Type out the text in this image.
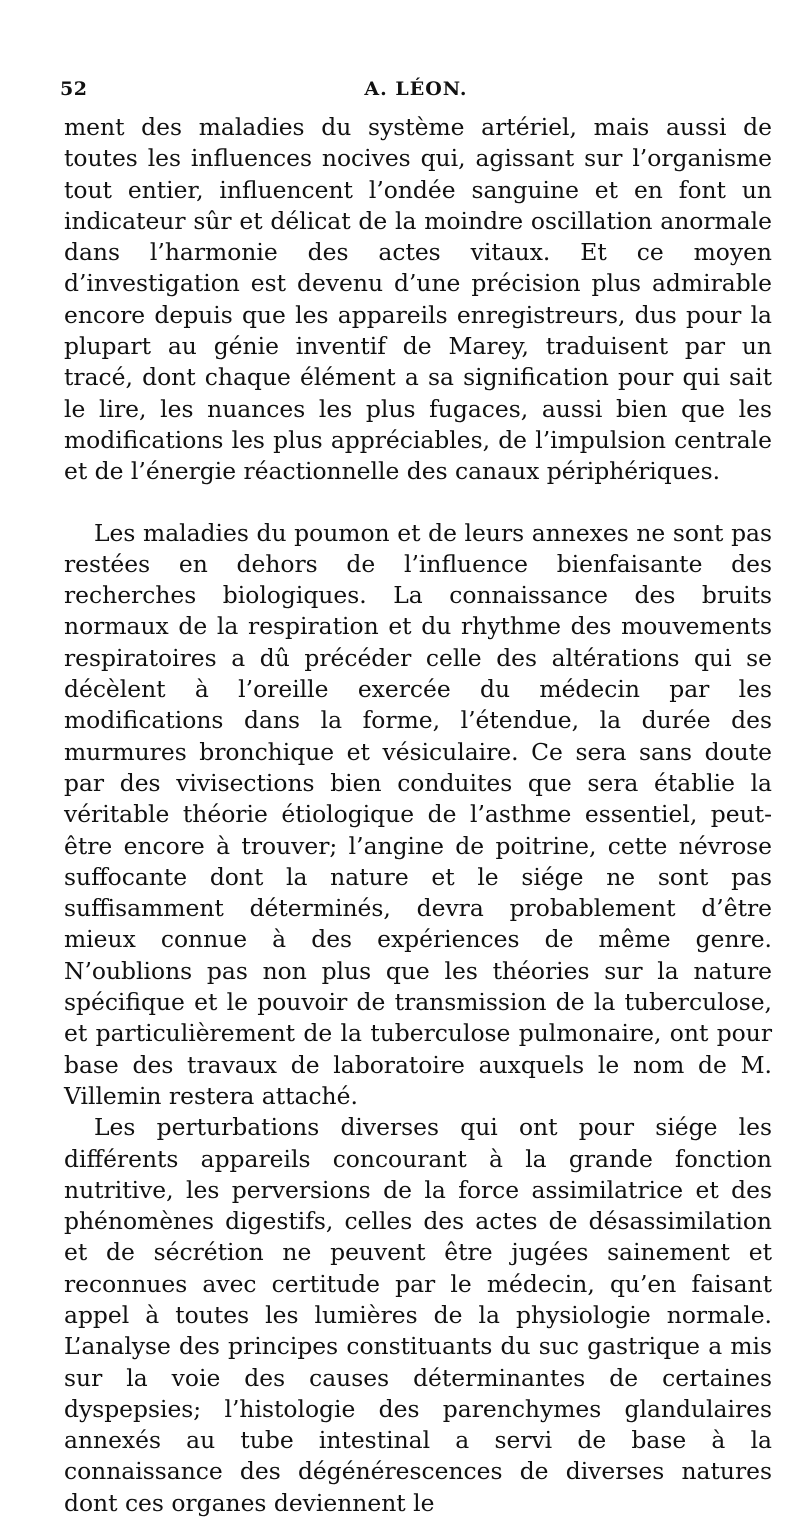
52	A. LÉON.

ment des maladies du système artériel, mais aussi de toutes les influences nocives qui, agissant sur l’organisme tout entier, influencent l’ondée sanguine et en font un indicateur sûr et délicat de la moindre oscillation anormale dans l’harmonie des actes vitaux. Et ce moyen d’investigation est devenu d’une précision plus admirable encore depuis que les appareils enregistreurs, dus pour la plupart au génie inventif de Marey, traduisent par un tracé, dont chaque élément a sa signification pour qui sait le lire, les nuances les plus fugaces, aussi bien que les modifications les plus appréciables, de l’impulsion centrale et de l’énergie réactionnelle des canaux périphériques.

Les maladies du poumon et de leurs annexes ne sont pas restées en dehors de l’influence bienfaisante des recherches biologiques. La connaissance des bruits normaux de la respiration et du rhythme des mouvements respiratoires a dû précéder celle des altérations qui se décèlent à l’oreille exercée du médecin par les modifications dans la forme, l’étendue, la durée des murmures bronchique et vésiculaire. Ce sera sans doute par des vivisections bien conduites que sera établie la véritable théorie étiologique de l’asthme essentiel, peut-être encore à trouver; l’angine de poitrine, cette névrose suffocante dont la nature et le siége ne sont pas suffisamment déterminés, devra probablement d’être mieux connue à des expériences de même genre. N’oublions pas non plus que les théories sur la nature spécifique et le pouvoir de transmission de la tuberculose, et particulièrement de la tuberculose pulmonaire, ont pour base des travaux de laboratoire auxquels le nom de M. Villemin restera attaché.

Les perturbations diverses qui ont pour siége les différents appareils concourant à la grande fonction nutritive, les perversions de la force assimilatrice et des phénomènes digestifs, celles des actes de désassimilation et de sécrétion ne peuvent être jugées sainement et reconnues avec certitude par le médecin, qu’en faisant appel à toutes les lumières de la physiologie normale. L’analyse des principes constituants du suc gastrique a mis sur la voie des causes déterminantes de certaines dyspepsies; l’histologie des parenchymes glandulaires annexés au tube intestinal a servi de base à la connaissance des dégénérescences de diverses natures dont ces organes deviennent le
